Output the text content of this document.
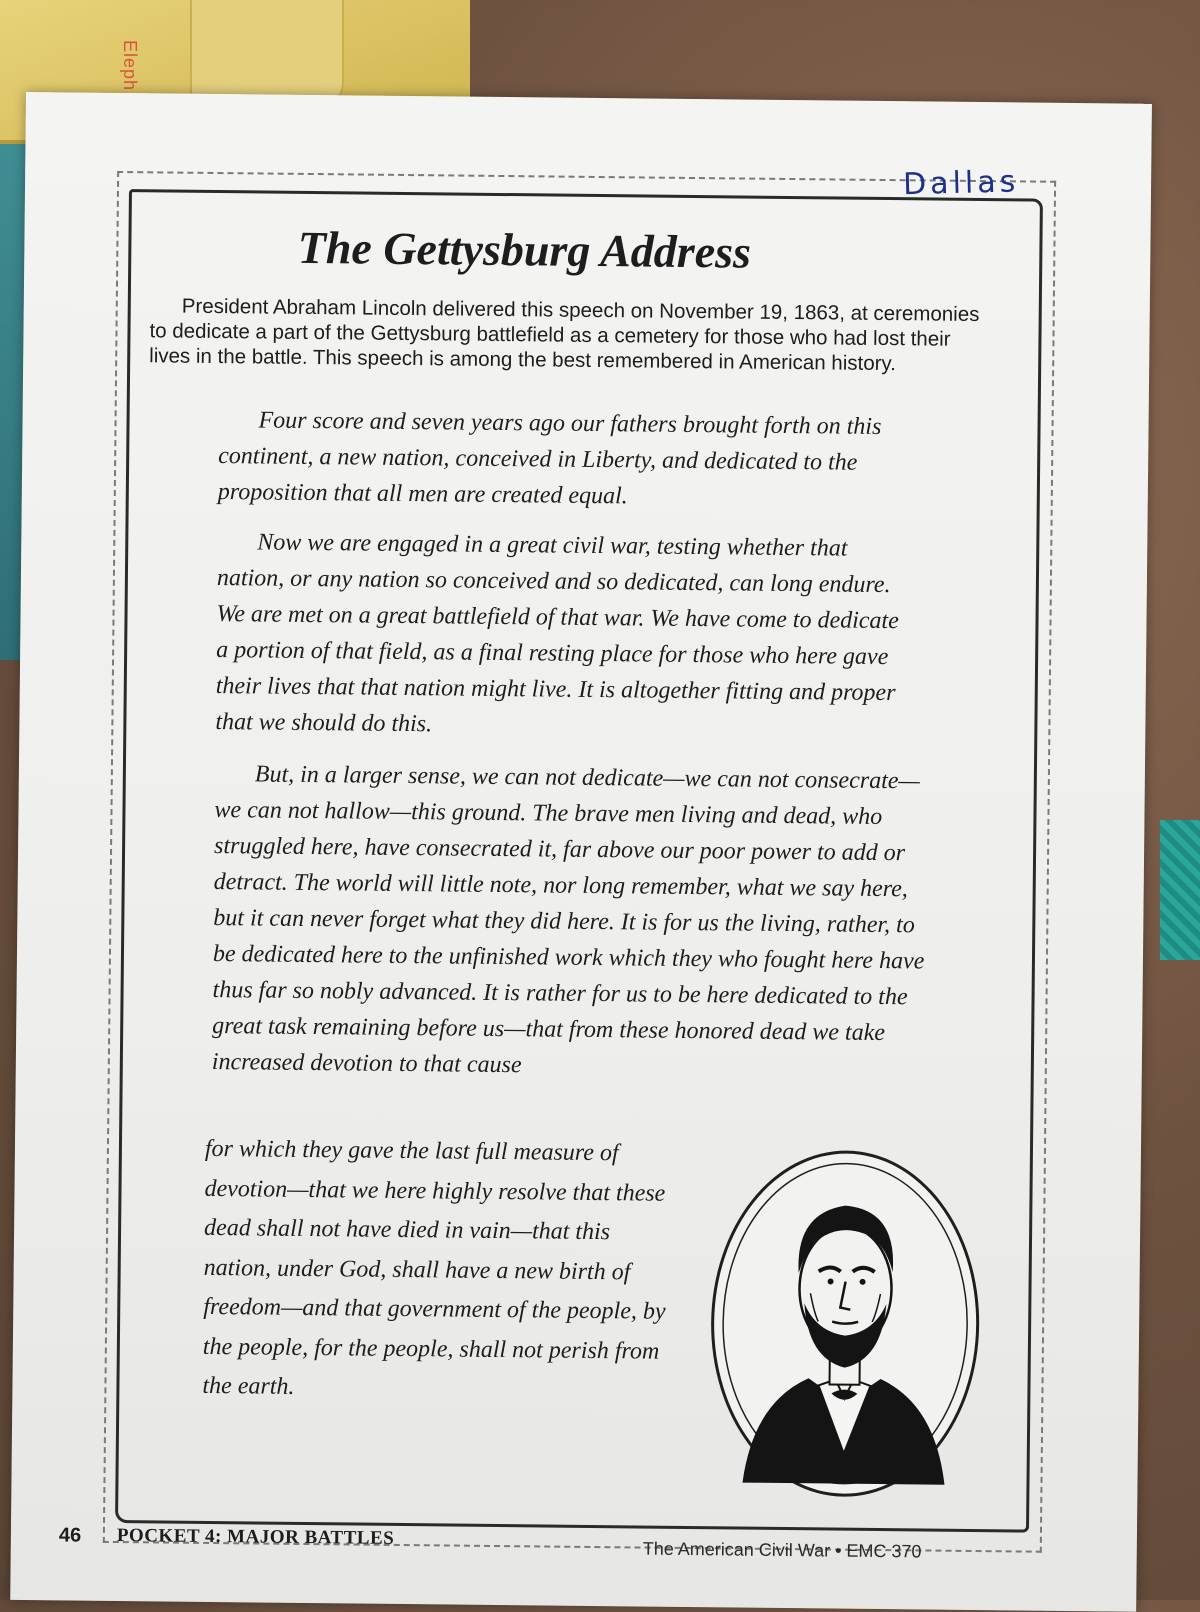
Eleph
Dallas
The Gettysburg Address
President Abraham Lincoln delivered this speech on November 19, 1863, at ceremonies to dedicate a part of the Gettysburg battlefield as a cemetery for those who had lost their lives in the battle. This speech is among the best remembered in American history.
Four score and seven years ago our fathers brought forth on this continent, a new nation, conceived in Liberty, and dedicated to the proposition that all men are created equal.
Now we are engaged in a great civil war, testing whether that nation, or any nation so conceived and so dedicated, can long endure. We are met on a great battlefield of that war. We have come to dedicate a portion of that field, as a final resting place for those who here gave their lives that that nation might live. It is altogether fitting and proper that we should do this.
But, in a larger sense, we can not dedicate—we can not consecrate—we can not hallow—this ground. The brave men living and dead, who struggled here, have consecrated it, far above our poor power to add or detract. The world will little note, nor long remember, what we say here, but it can never forget what they did here. It is for us the living, rather, to be dedicated here to the unfinished work which they who fought here have thus far so nobly advanced. It is rather for us to be here dedicated to the great task remaining before us—that from these honored dead we take increased devotion to that cause
for which they gave the last full measure of devotion—that we here highly resolve that these dead shall not have died in vain—that this nation, under God, shall have a new birth of freedom—and that government of the people, by the people, for the people, shall not perish from the earth.
46 POCKET 4: MAJOR BATTLES
The American Civil War • EMC 370
